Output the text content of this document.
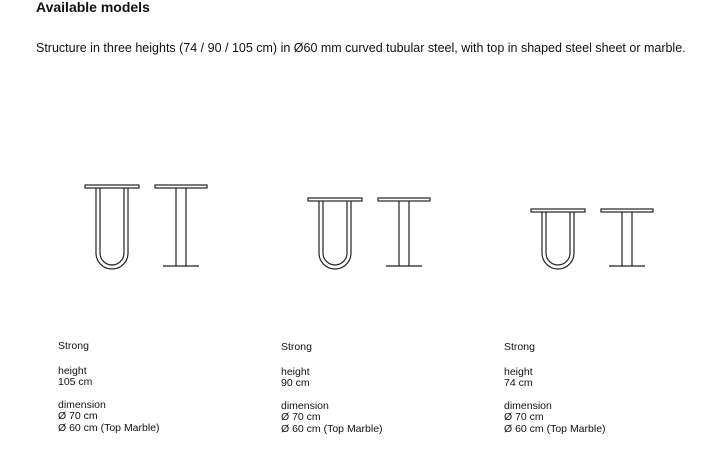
Available models

Structure in three heights (74 / 90 / 105 cm) in Ø60 mm curved tubular steel, with top in shaped steel sheet or marble.

Strong
height
105 cm
dimension
Ø 70 cm
Ø 60 cm (Top Marble)
Strong
height
90 cm
dimension
Ø 70 cm
Ø 60 cm (Top Marble)
Strong
height
74 cm
dimension
Ø 70 cm
Ø 60 cm (Top Marble)
